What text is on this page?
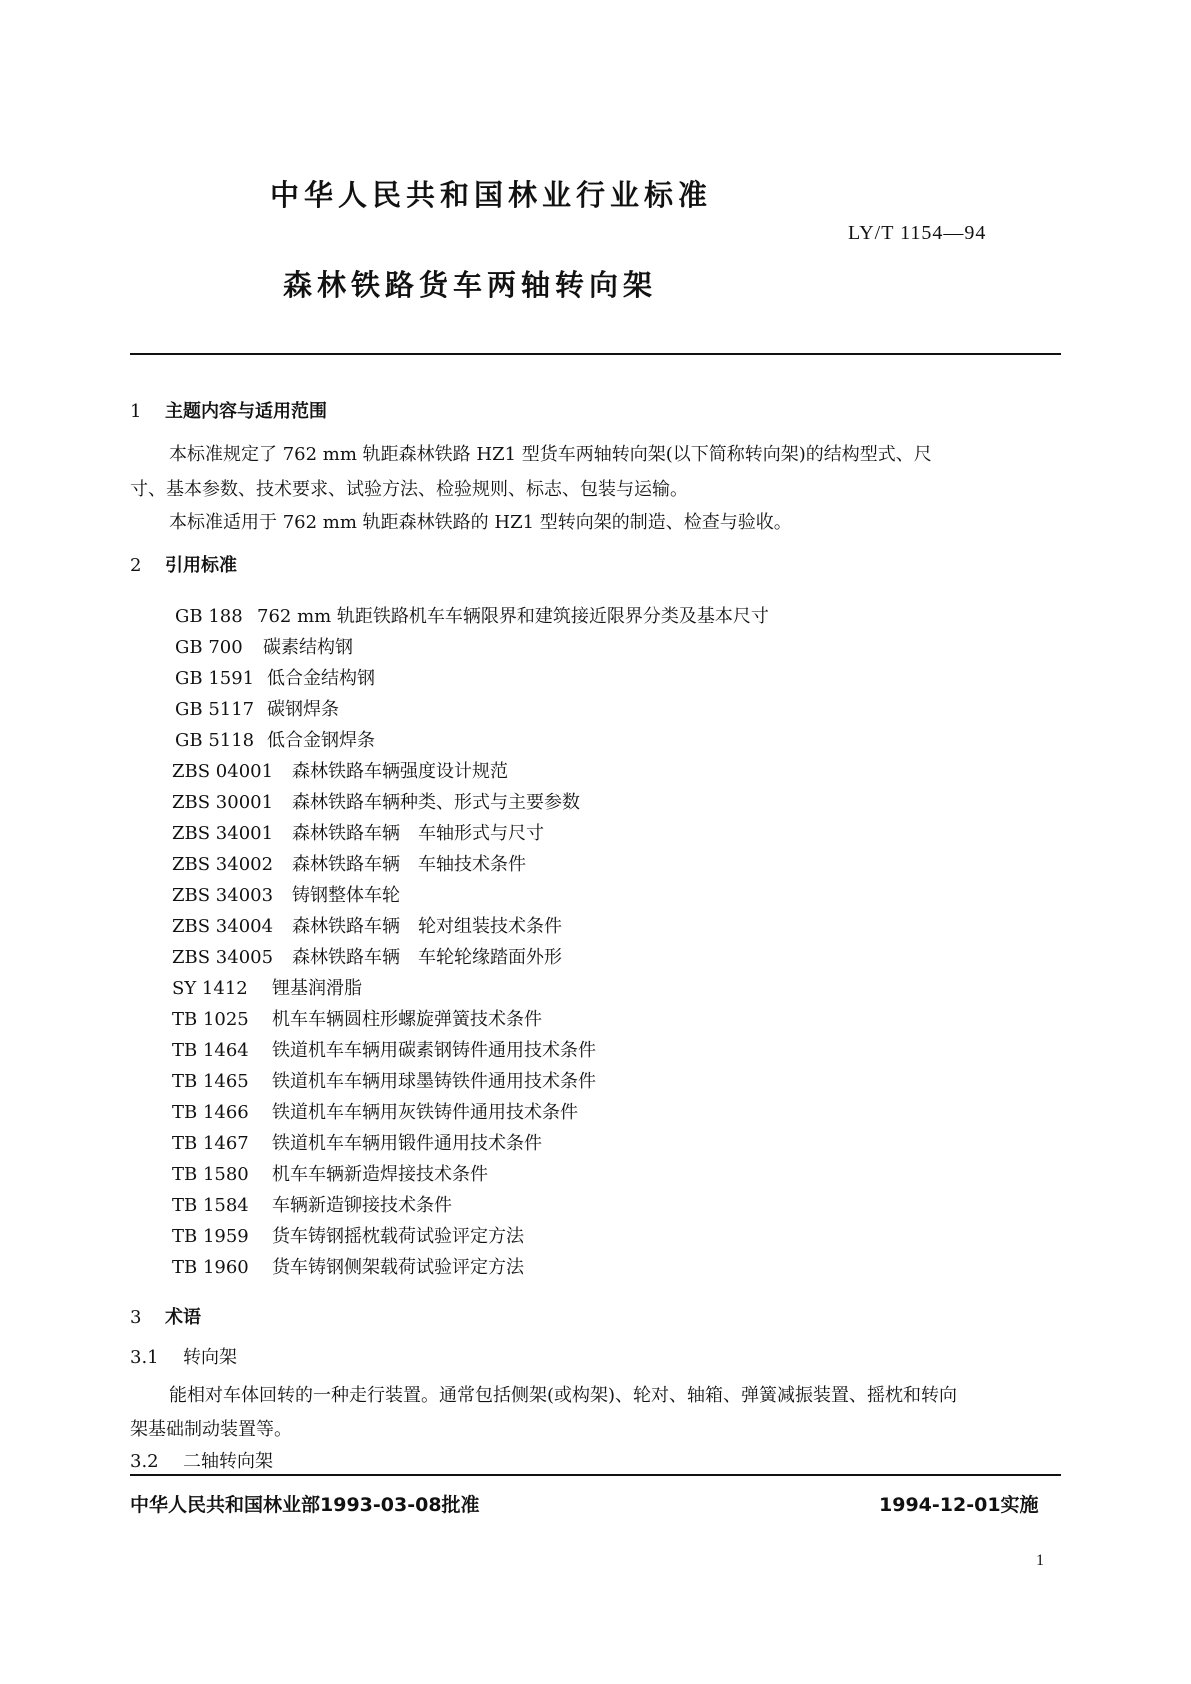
中华人民共和国林业行业标准
LY/T 1154—94
森林铁路货车两轴转向架
1 主题内容与适用范围
本标准规定了 762 mm 轨距森林铁路 HZ1 型货车两轴转向架(以下简称转向架)的结构型式、尺
寸、基本参数、技术要求、试验方法、检验规则、标志、包装与运输。
本标准适用于 762 mm 轨距森林铁路的 HZ1 型转向架的制造、检查与验收。
2 引用标准
GB 188 762 mm 轨距铁路机车车辆限界和建筑接近限界分类及基本尺寸
GB 700 碳素结构钢
GB 1591 低合金结构钢
GB 5117 碳钢焊条
GB 5118 低合金钢焊条
ZBS 04001 森林铁路车辆强度设计规范
ZBS 30001 森林铁路车辆种类、形式与主要参数
ZBS 34001 森林铁路车辆　车轴形式与尺寸
ZBS 34002 森林铁路车辆　车轴技术条件
ZBS 34003 铸钢整体车轮
ZBS 34004 森林铁路车辆　轮对组装技术条件
ZBS 34005 森林铁路车辆　车轮轮缘踏面外形
SY 1412 锂基润滑脂
TB 1025 机车车辆圆柱形螺旋弹簧技术条件
TB 1464 铁道机车车辆用碳素钢铸件通用技术条件
TB 1465 铁道机车车辆用球墨铸铁件通用技术条件
TB 1466 铁道机车车辆用灰铁铸件通用技术条件
TB 1467 铁道机车车辆用锻件通用技术条件
TB 1580 机车车辆新造焊接技术条件
TB 1584 车辆新造铆接技术条件
TB 1959 货车铸钢摇枕载荷试验评定方法
TB 1960 货车铸钢侧架载荷试验评定方法
3 术语
3.1 转向架
能相对车体回转的一种走行装置。通常包括侧架(或构架)、轮对、轴箱、弹簧减振装置、摇枕和转向
架基础制动装置等。
3.2 二轴转向架
中华人民共和国林业部1993-03-08批准	1994-12-01实施
1
